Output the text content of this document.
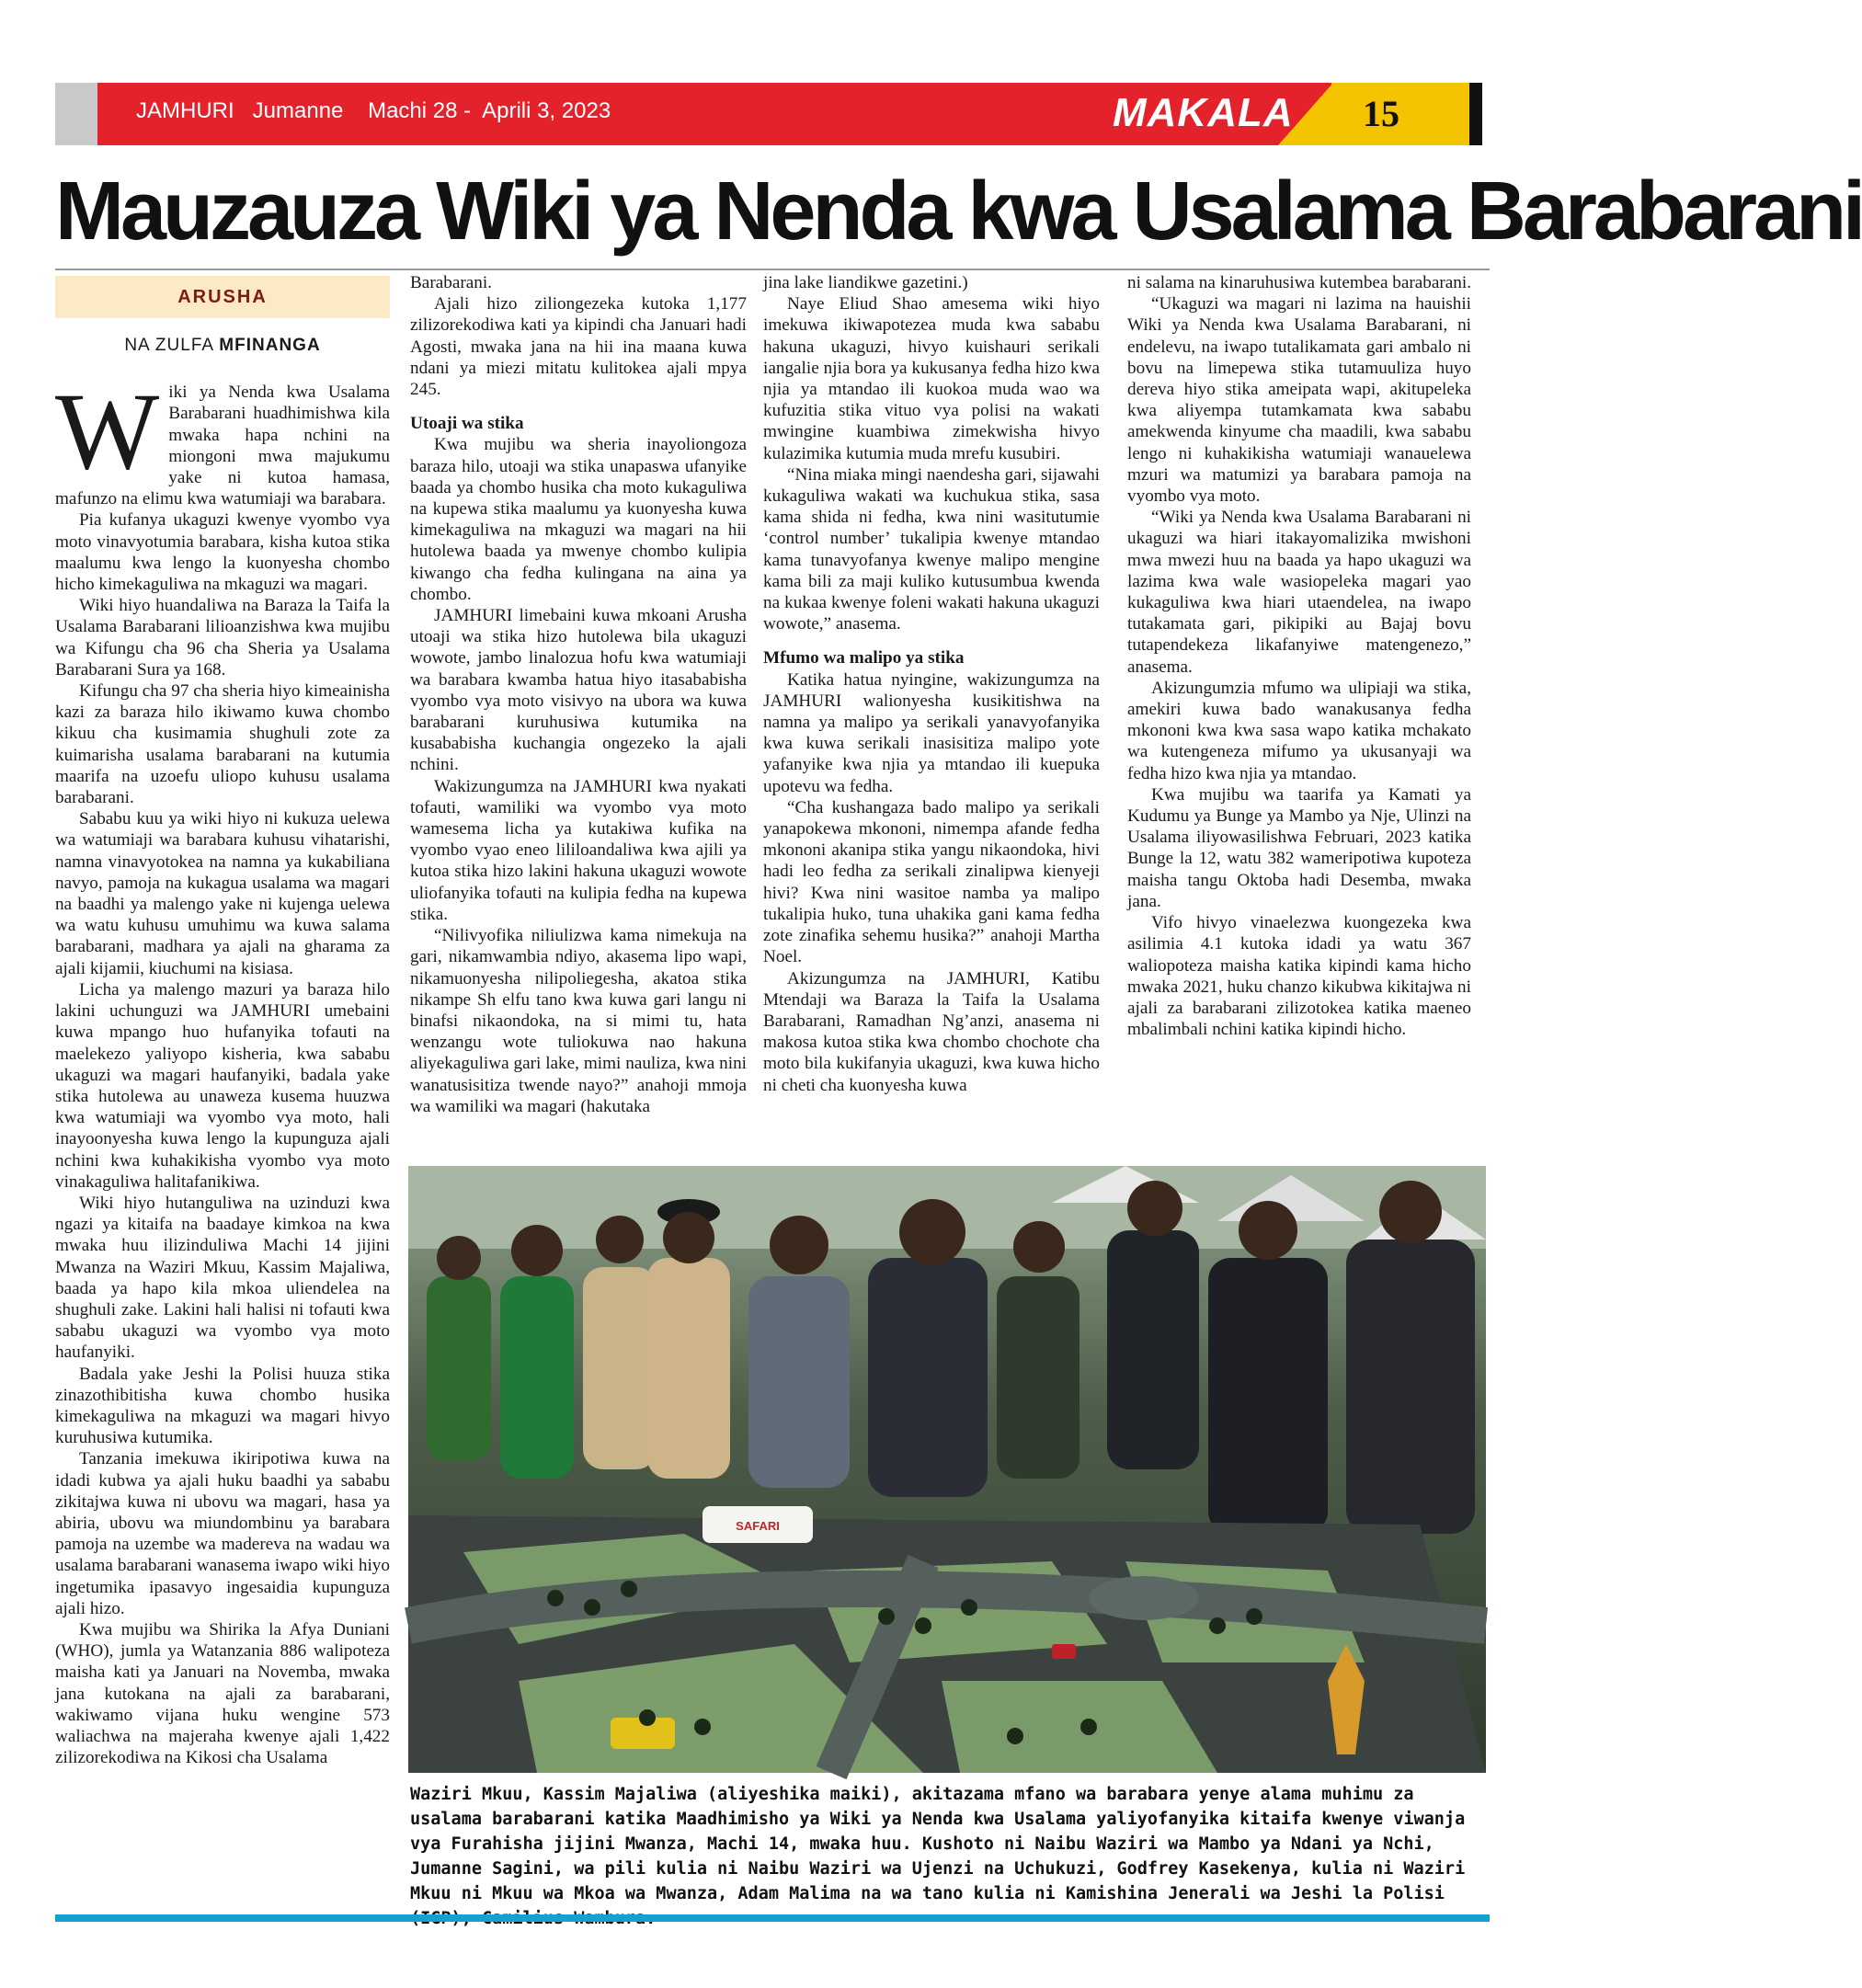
JAMHURI   Jumanne    Machi 28 -  Aprili 3, 2023	MAKALA 15
Mauzauza Wiki ya Nenda kwa Usalama Barabarani
ARUSHA
NA ZULFA MFINANGA

Wiki ya Nenda kwa Usalama Barabarani huadhimishwa kila mwaka hapa nchini na miongoni mwa majukumu yake ni kutoa hamasa, mafunzo na elimu kwa watumiaji wa barabara.

Pia kufanya ukaguzi kwenye vyombo vya moto vinavyotumia barabara, kisha kutoa stika maalumu kwa lengo la kuonyesha chombo hicho kimekaguliwa na mkaguzi wa magari.

Wiki hiyo huandaliwa na Baraza la Taifa la Usalama Barabarani lilioanzishwa kwa mujibu wa Kifungu cha 96 cha Sheria ya Usalama Barabarani Sura ya 168.

Kifungu cha 97 cha sheria hiyo kimeainisha kazi za baraza hilo ikiwamo kuwa chombo kikuu cha kusimamia shughuli zote za kuimarisha usalama barabarani na kutumia maarifa na uzoefu uliopo kuhusu usalama barabarani.

Sababu kuu ya wiki hiyo ni kukuza uelewa wa watumiaji wa barabara kuhusu vihatarishi, namna vinavyotokea na namna ya kukabiliana navyo, pamoja na kukagua usalama wa magari na baadhi ya malengo yake ni kujenga uelewa wa watu kuhusu umuhimu wa kuwa salama barabarani, madhara ya ajali na gharama za ajali kijamii, kiuchumi na kisiasa.

Licha ya malengo mazuri ya baraza hilo lakini uchunguzi wa JAMHURI umebaini kuwa mpango huo hufanyika tofauti na maelekezo yaliyopo kisheria, kwa sababu ukaguzi wa magari haufanyiki, badala yake stika hutolewa au unaweza kusema huuzwa kwa watumiaji wa vyombo vya moto, hali inayoonyesha kuwa lengo la kupunguza ajali nchini kwa kuhakikisha vyombo vya moto vinakaguliwa halitafanikiwa.

Wiki hiyo hutanguliwa na uzinduzi kwa ngazi ya kitaifa na baadaye kimkoa na kwa mwaka huu ilizinduliwa Machi 14 jijini Mwanza na Waziri Mkuu, Kassim Majaliwa, baada ya hapo kila mkoa uliendelea na shughuli zake. Lakini hali halisi ni tofauti kwa sababu ukaguzi wa vyombo vya moto haufanyiki.

Badala yake Jeshi la Polisi huuza stika zinazothibitisha kuwa chombo husika kimekaguliwa na mkaguzi wa magari hivyo kuruhusiwa kutumika.

Tanzania imekuwa ikiripotiwa kuwa na idadi kubwa ya ajali huku baadhi ya sababu zikitajwa kuwa ni ubovu wa magari, hasa ya abiria, ubovu wa miundombinu ya barabara pamoja na uzembe wa madereva na wadau wa usalama barabarani wanasema iwapo wiki hiyo ingetumika ipasavyo ingesaidia kupunguza ajali hizo.

Kwa mujibu wa Shirika la Afya Duniani (WHO), jumla ya Watanzania 886 walipoteza maisha kati ya Januari na Novemba, mwaka jana kutokana na ajali za barabarani, wakiwamo vijana huku wengine 573 waliachwa na majeraha kwenye ajali 1,422 zilizorekodiwa na Kikosi cha Usalama

Barabarani.

Ajali hizo ziliongezeka kutoka 1,177 zilizorekodiwa kati ya kipindi cha Januari hadi Agosti, mwaka jana na hii ina maana kuwa ndani ya miezi mitatu kulitokea ajali mpya 245.

Utoaji wa stika

Kwa mujibu wa sheria inayoliongoza baraza hilo, utoaji wa stika unapaswa ufanyike baada ya chombo husika cha moto kukaguliwa na kupewa stika maalumu ya kuonyesha kuwa kimekaguliwa na mkaguzi wa magari na hii hutolewa baada ya mwenye chombo kulipia kiwango cha fedha kulingana na aina ya chombo.

JAMHURI limebaini kuwa mkoani Arusha utoaji wa stika hizo hutolewa bila ukaguzi wowote, jambo linalozua hofu kwa watumiaji wa barabara kwamba hatua hiyo itasababisha vyombo vya moto visivyo na ubora wa kuwa barabarani kuruhusiwa kutumika na kusababisha kuchangia ongezeko la ajali nchini.

Wakizungumza na JAMHURI kwa nyakati tofauti, wamiliki wa vyombo vya moto wamesema licha ya kutakiwa kufika na vyombo vyao eneo lililoandaliwa kwa ajili ya kutoa stika hizo lakini hakuna ukaguzi wowote uliofanyika tofauti na kulipia fedha na kupewa stika.

“Nilivyofika niliulizwa kama nimekuja na gari, nikamwambia ndiyo, akasema lipo wapi, nikamuonyesha nilipoliegesha, akatoa stika nikampe Sh elfu tano kwa kuwa gari langu ni binafsi nikaondoka, na si mimi tu, hata wenzangu wote tuliokuwa nao hakuna aliyekaguliwa gari lake, mimi nauliza, kwa nini wanatusisitiza twende nayo?” anahoji mmoja wa wamiliki wa magari (hakutaka

jina lake liandikwe gazetini.)

Naye Eliud Shao amesema wiki hiyo imekuwa ikiwapotezea muda kwa sababu hakuna ukaguzi, hivyo kuishauri serikali iangalie njia bora ya kukusanya fedha hizo kwa njia ya mtandao ili kuokoa muda wao wa kufuzitia stika vituo vya polisi na wakati mwingine kuambiwa zimekwisha hivyo kulazimika kutumia muda mrefu kusubiri.

“Nina miaka mingi naendesha gari, sijawahi kukaguliwa wakati wa kuchukua stika, sasa kama shida ni fedha, kwa nini wasitutumie ‘control number’ tukalipia kwenye mtandao kama tunavyofanya kwenye malipo mengine kama bili za maji kuliko kutusumbua kwenda na kukaa kwenye foleni wakati hakuna ukaguzi wowote,” anasema.

Mfumo wa malipo ya stika

Katika hatua nyingine, wakizungumza na JAMHURI walionyesha kusikitishwa na namna ya malipo ya serikali yanavyofanyika kwa kuwa serikali inasisitiza malipo yote yafanyike kwa njia ya mtandao ili kuepuka upotevu wa fedha.

“Cha kushangaza bado malipo ya serikali yanapokewa mkononi, nimempa afande fedha mkononi akanipa stika yangu nikaondoka, hivi hadi leo fedha za serikali zinalipwa kienyeji hivi? Kwa nini wasitoe namba ya malipo tukalipia huko, tuna uhakika gani kama fedha zote zinafika sehemu husika?” anahoji Martha Noel.

Akizungumza na JAMHURI, Katibu Mtendaji wa Baraza la Taifa la Usalama Barabarani, Ramadhan Ng’anzi, anasema ni makosa kutoa stika kwa chombo chochote cha moto bila kukifanyia ukaguzi, kwa kuwa hicho ni cheti cha kuonyesha kuwa

ni salama na kinaruhusiwa kutembea barabarani.

“Ukaguzi wa magari ni lazima na hauishii Wiki ya Nenda kwa Usalama Barabarani, ni endelevu, na iwapo tutalikamata gari ambalo ni bovu na limepewa stika tutamuuliza huyo dereva hiyo stika ameipata wapi, akitupeleka kwa aliyempa tutamkamata kwa sababu amekwenda kinyume cha maadili, kwa sababu lengo ni kuhakikisha watumiaji wanauelewa mzuri wa matumizi ya barabara pamoja na vyombo vya moto.

“Wiki ya Nenda kwa Usalama Barabarani ni ukaguzi wa hiari itakayomalizika mwishoni mwa mwezi huu na baada ya hapo ukaguzi wa lazima kwa wale wasiopeleka magari yao kukaguliwa kwa hiari utaendelea, na iwapo tutakamata gari, pikipiki au Bajaj bovu tutapendekeza likafanyiwe matengenezo,” anasema.

Akizungumzia mfumo wa ulipiaji wa stika, amekiri kuwa bado wanakusanya fedha mkononi kwa kwa sasa wapo katika mchakato wa kutengeneza mifumo ya ukusanyaji wa fedha hizo kwa njia ya mtandao.

Kwa mujibu wa taarifa ya Kamati ya Kudumu ya Bunge ya Mambo ya Nje, Ulinzi na Usalama iliyowasilishwa Februari, 2023 katika Bunge la 12, watu 382 wameripotiwa kupoteza maisha tangu Oktoba hadi Desemba, mwaka jana.

Vifo hivyo vinaelezwa kuongezeka kwa asilimia 4.1 kutoka idadi ya watu 367 waliopoteza maisha katika kipindi kama hicho mwaka 2021, huku chanzo kikubwa kikitajwa ni ajali za barabarani zilizotokea katika maeneo mbalimbali nchini katika kipindi hicho.

SAFARI
Waziri Mkuu, Kassim Majaliwa (aliyeshika maiki), akitazama mfano wa barabara yenye alama muhimu za usalama barabarani katika Maadhimisho ya Wiki ya Nenda kwa Usalama yaliyofanyika kitaifa kwenye viwanja vya Furahisha jijini Mwanza, Machi 14, mwaka huu. Kushoto ni Naibu Waziri wa Mambo ya Ndani ya Nchi, Jumanne Sagini, wa pili kulia ni Naibu Waziri wa Ujenzi na Uchukuzi, Godfrey Kasekenya, kulia ni Waziri Mkuu ni Mkuu wa Mkoa wa Mwanza, Adam Malima na wa tano kulia ni Kamishina Jenerali wa Jeshi la Polisi
